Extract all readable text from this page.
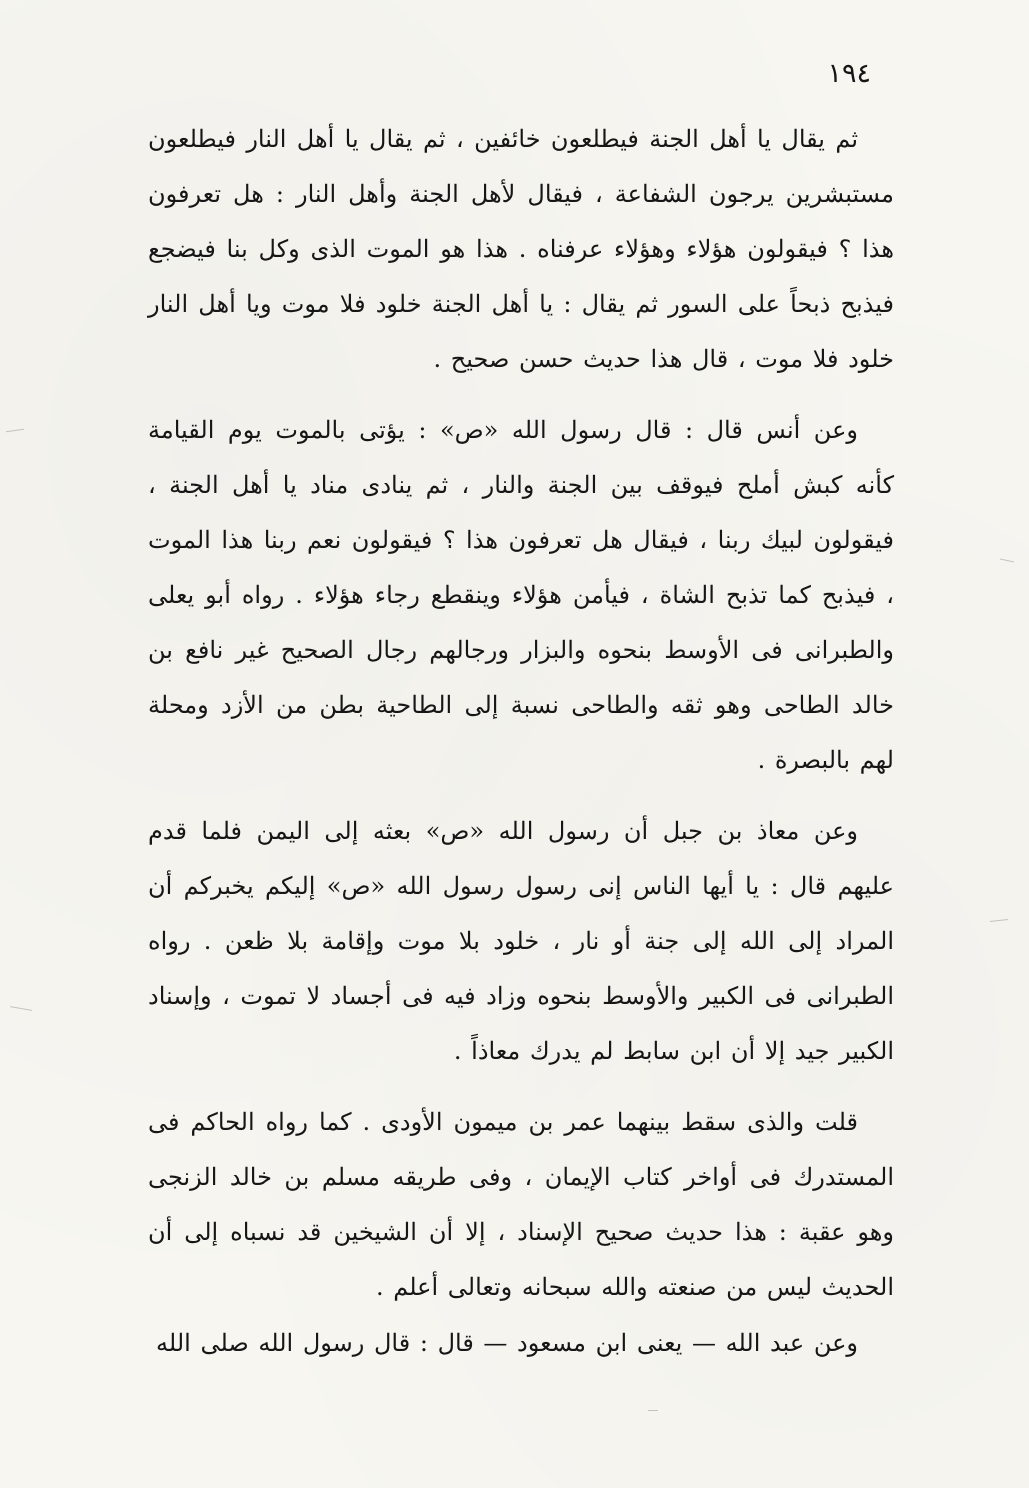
١٩٤

ثم يقال يا أهل الجنة فيطلعون خائفين ، ثم يقال يا أهل النار فيطلعون مستبشرين يرجون الشفاعة ، فيقال لأهل الجنة وأهل النار : هل تعرفون هذا ؟ فيقولون هؤلاء وهؤلاء عرفناه . هذا هو الموت الذى وكل بنا فيضجع فيذبح ذبحاً على السور ثم يقال : يا أهل الجنة خلود فلا موت ويا أهل النار خلود فلا موت ، قال هذا حديث حسن صحيح .

وعن أنس قال : قال رسول الله «ص» : يؤتى بالموت يوم القيامة كأنه كبش أملح فيوقف بين الجنة والنار ، ثم ينادى مناد يا أهل الجنة ، فيقولون لبيك ربنا ، فيقال هل تعرفون هذا ؟ فيقولون نعم ربنا هذا الموت ، فيذبح كما تذبح الشاة ، فيأمن هؤلاء وينقطع رجاء هؤلاء . رواه أبو يعلى والطبرانى فى الأوسط بنحوه والبزار ورجالهم رجال الصحيح غير نافع بن خالد الطاحى وهو ثقه والطاحى نسبة إلى الطاحية بطن من الأزد ومحلة لهم بالبصرة .

وعن معاذ بن جبل أن رسول الله «ص» بعثه إلى اليمن فلما قدم عليهم قال : يا أيها الناس إنى رسول رسول الله «ص» إليكم يخبركم أن المراد إلى الله إلى جنة أو نار ، خلود بلا موت وإقامة بلا ظعن . رواه الطبرانى فى الكبير والأوسط بنحوه وزاد فيه فى أجساد لا تموت ، وإسناد الكبير جيد إلا أن ابن سابط لم يدرك معاذاً .

قلت والذى سقط بينهما عمر بن ميمون الأودى . كما رواه الحاكم فى المستدرك فى أواخر كتاب الإيمان ، وفى طريقه مسلم بن خالد الزنجى وهو عقبة : هذا حديث صحيح الإسناد ، إلا أن الشيخين قد نسباه إلى أن الحديث ليس من صنعته والله سبحانه وتعالى أعلم .

وعن عبد الله — يعنى ابن مسعود — قال : قال رسول الله صلى الله
